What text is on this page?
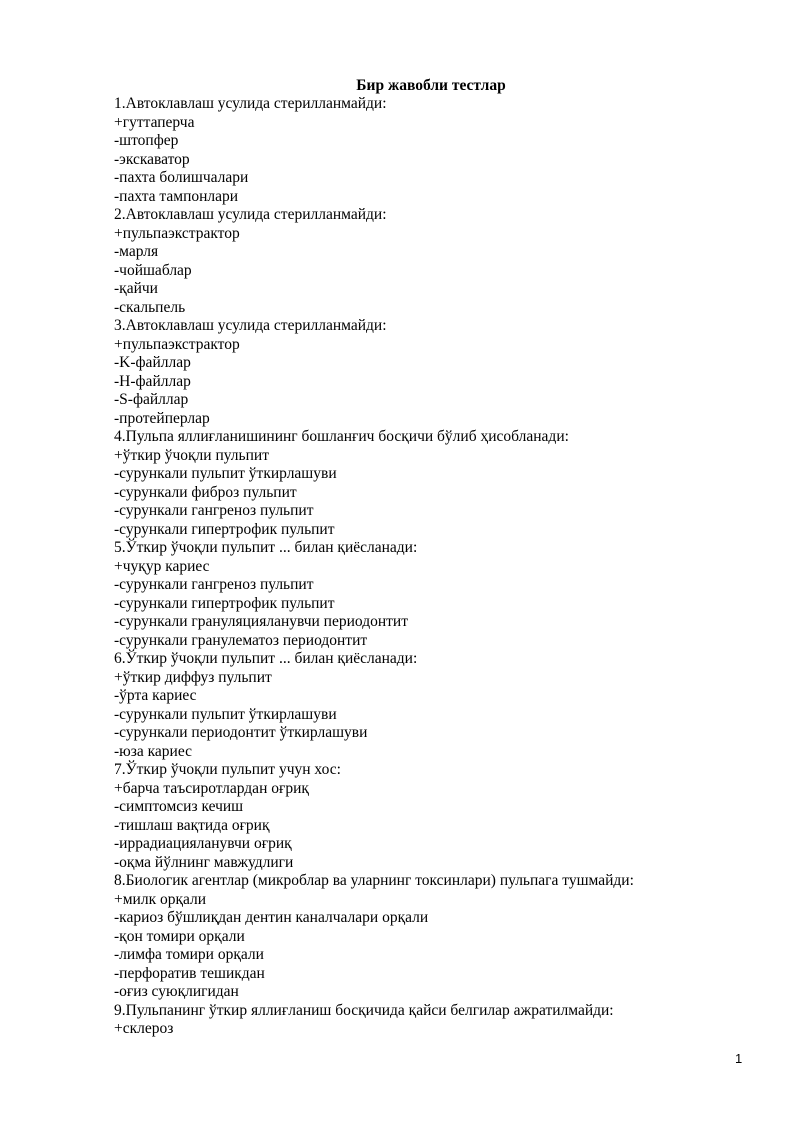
Бир жавобли тестлар
1.Автоклавлаш усулида стерилланмайди:
+гуттаперча
-штопфер
-экскаватор
-пахта болишчалари
-пахта тампонлари
2.Автоклавлаш усулида стерилланмайди:
+пульпаэкстрактор
-марля
-чойшаблар
-қайчи
-скальпель
3.Автоклавлаш усулида стерилланмайди:
+пульпаэкстрактор
-K-файллар
-H-файллар
-S-файллар
-протейперлар
4.Пульпа яллиғланишининг бошланғич босқичи бўлиб ҳисобланади:
+ўткир ўчоқли пульпит
-сурункали пульпит ўткирлашуви
-сурункали фиброз пульпит
-сурункали гангреноз пульпит
-сурункали гипертрофик пульпит
5.Ўткир ўчоқли пульпит ... билан қиёсланади:
+чуқур кариес
-сурункали гангреноз пульпит
-сурункали гипертрофик пульпит
-сурункали грануляцияланувчи периодонтит
-сурункали гранулематоз периодонтит
6.Ўткир ўчоқли пульпит ... билан қиёсланади:
+ўткир диффуз пульпит
-ўрта кариес
-сурункали пульпит ўткирлашуви
-сурункали периодонтит ўткирлашуви
-юза кариес
7.Ўткир ўчоқли пульпит учун хос:
+барча таъсиротлардан оғриқ
-симптомсиз кечиш
-тишлаш вақтида оғриқ
-иррадиацияланувчи оғриқ
-оқма йўлнинг мавжудлиги
8.Биологик агентлар (микроблар ва уларнинг токсинлари) пульпага тушмайди:
+милк орқали
-кариоз бўшлиқдан дентин каналчалари орқали
-қон томири орқали
-лимфа томири орқали
-перфоратив тешикдан
-оғиз суюқлигидан
9.Пульпанинг ўткир яллиғланиш босқичида қайси белгилар ажратилмайди:
+склероз
1
